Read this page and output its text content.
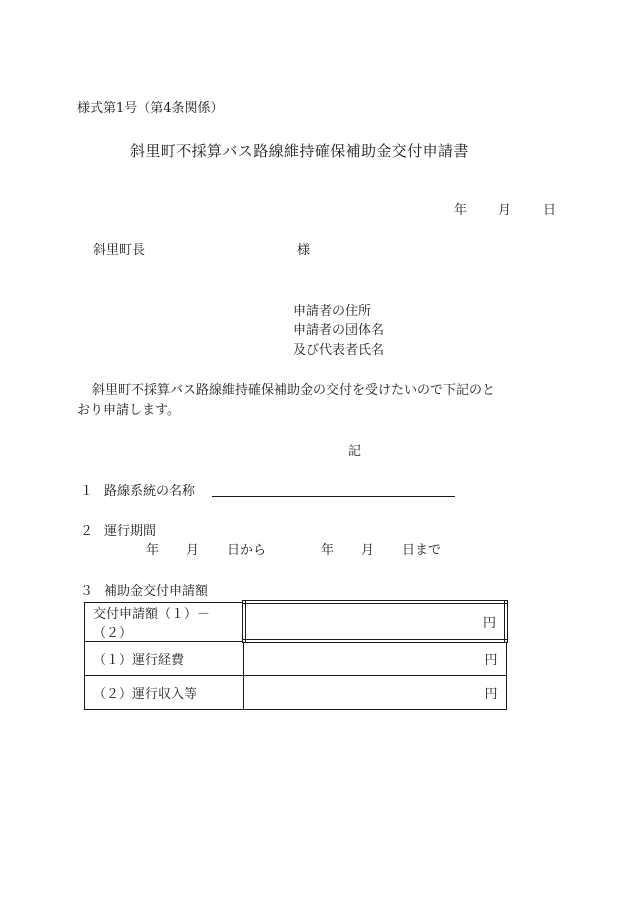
様式第1号（第4条関係）
斜里町不採算バス路線維持確保補助金交付申請書
年 月 日
斜里町長	様
申請者の住所
申請者の団体名
及び代表者氏名
斜里町不採算バス路線維持確保補助金の交付を受けたいので下記のと
おり申請します。
記
１ 路線系統の名称
２ 運行期間
年 月 日から	年 月 日まで
３ 補助金交付申請額
交付申請額（１）－（２）	円
（１）運行経費	円
（２）運行収入等	円
